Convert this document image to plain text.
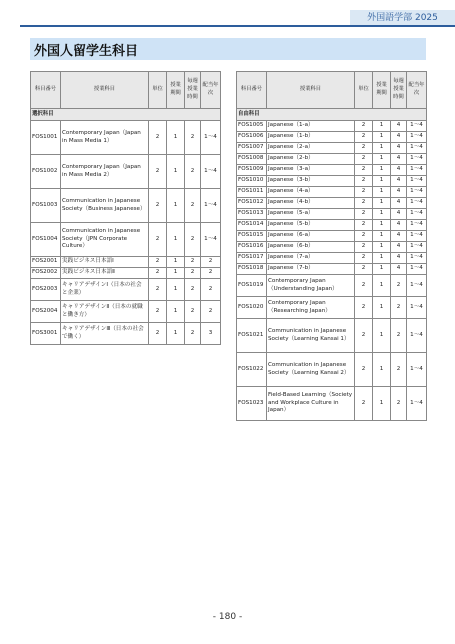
外国語学部 2025
外国人留学生科目
科目番号	授業科目	単位	授業期間	毎週授業時間	配当年次
選択科目					
FOS1001	Contemporary Japan（Japan in Mass Media 1）	2	1	2	1〜4
FOS1002	Contemporary Japan（Japan in Mass Media 2）	2	1	2	1〜4
FOS1003	Communication in Japanese Society（Business Japanese）	2	1	2	1〜4
FOS1004	Communication in Japanese Society（JPN Corporate Culture）	2	1	2	1〜4
FOS2001	実践ビジネス日本語Ⅰ	2	1	2	2
FOS2002	実践ビジネス日本語Ⅱ	2	1	2	2
FOS2003	キャリアデザインⅠ（日本の社会と企業）	2	1	2	2
FOS2004	キャリアデザインⅡ（日本の就職と働き方）	2	1	2	2
FOS3001	キャリアデザインⅢ（日本の社会で働く）	2	1	2	3
科目番号	授業科目	単位	授業期間	毎週授業時間	配当年次
自由科目					
FOS1005	Japanese（1-a）	2	1	4	1〜4
FOS1006	Japanese（1-b）	2	1	4	1〜4
FOS1007	Japanese（2-a）	2	1	4	1〜4
FOS1008	Japanese（2-b）	2	1	4	1〜4
FOS1009	Japanese（3-a）	2	1	4	1〜4
FOS1010	Japanese（3-b）	2	1	4	1〜4
FOS1011	Japanese（4-a）	2	1	4	1〜4
FOS1012	Japanese（4-b）	2	1	4	1〜4
FOS1013	Japanese（5-a）	2	1	4	1〜4
FOS1014	Japanese（5-b）	2	1	4	1〜4
FOS1015	Japanese（6-a）	2	1	4	1〜4
FOS1016	Japanese（6-b）	2	1	4	1〜4
FOS1017	Japanese（7-a）	2	1	4	1〜4
FOS1018	Japanese（7-b）	2	1	4	1〜4
FOS1019	Contemporary Japan（Understanding Japan）	2	1	2	1〜4
FOS1020	Contemporary Japan（Researching Japan）	2	1	2	1〜4
FOS1021	Communication in Japanese Society（Learning Kansai 1）	2	1	2	1〜4
FOS1022	Communication in Japanese Society（Learning Kansai 2）	2	1	2	1〜4
FOS1023	Field-Based Learning（Society and Workplace Culture in Japan）	2	1	2	1〜4
- 180 -
